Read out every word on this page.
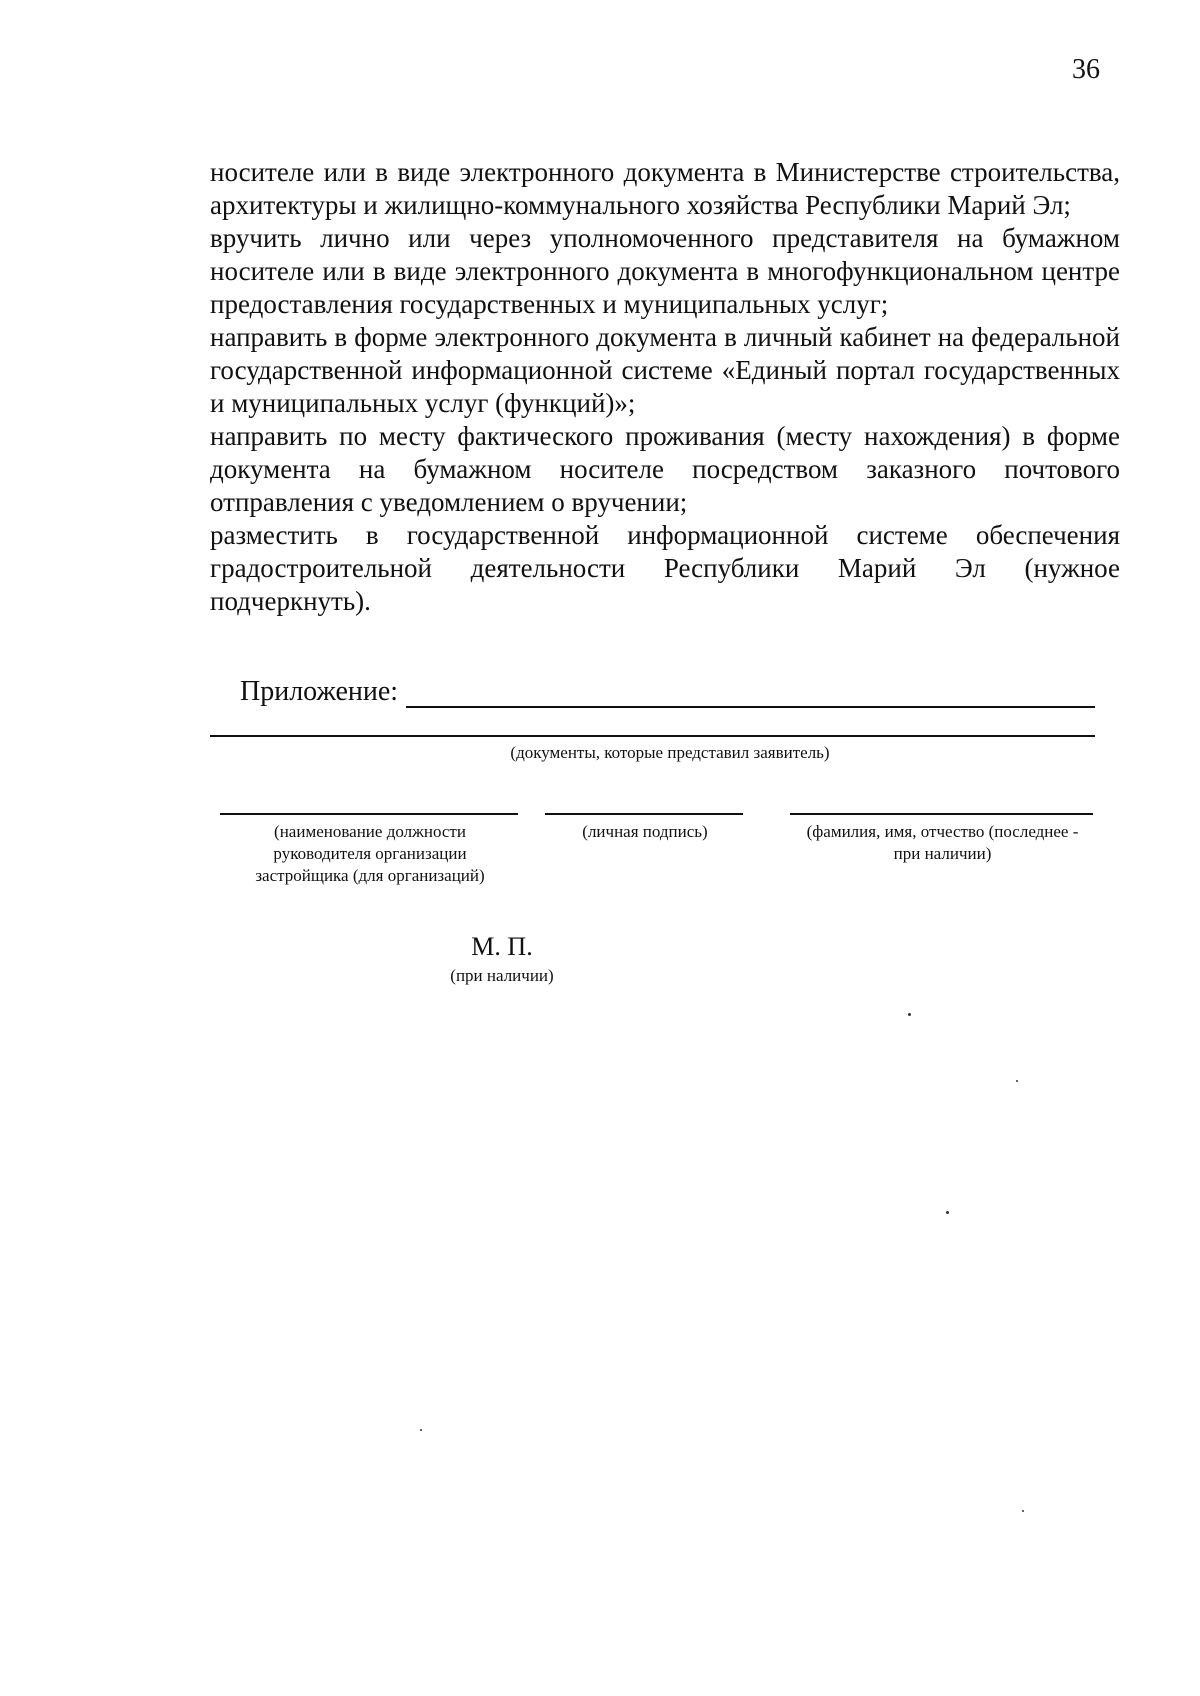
36

носителе или в виде электронного документа в Министерстве строительства, архитектуры и жилищно-коммунального хозяйства Республики Марий Эл;

вручить лично или через уполномоченного представителя на бумажном носителе или в виде электронного документа в многофункциональном центре предоставления государственных и муниципальных услуг;

направить в форме электронного документа в личный кабинет на федеральной государственной информационной системе «Единый портал государственных и муниципальных услуг (функций)»;

направить по месту фактического проживания (месту нахождения) в форме документа на бумажном носителе посредством заказного почтового отправления с уведомлением о вручении;

разместить в государственной информационной системе обеспечения градостроительной деятельности Республики Марий Эл (нужное подчеркнуть).

Приложение:
(документы, которые представил заявитель)
(наименование должности руководителя организации застройщика (для организаций)
(личная подпись)	(фамилия, имя, отчество (последнее - при наличии)
М. П.
(при наличии)
